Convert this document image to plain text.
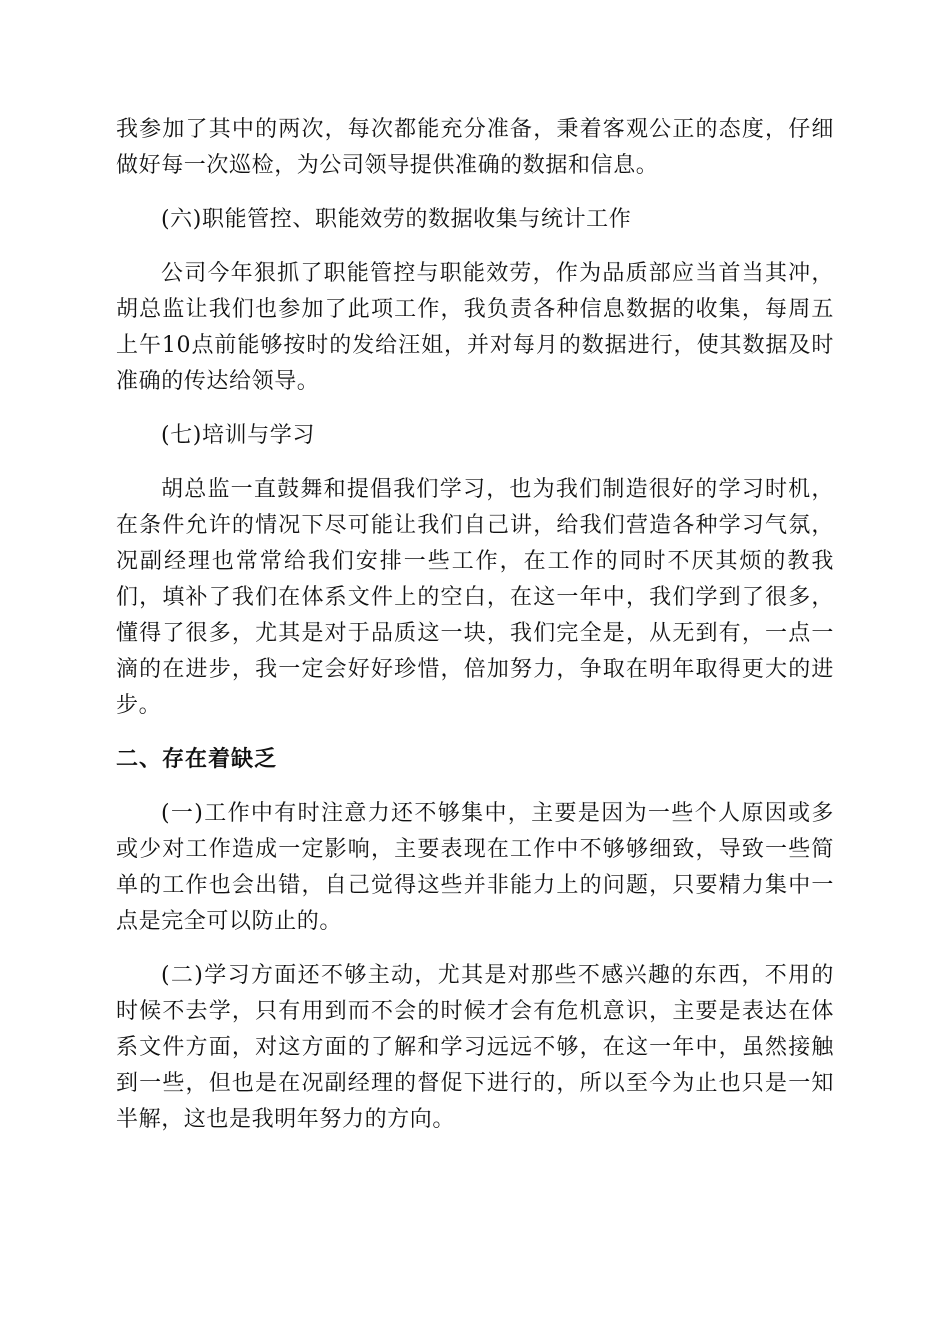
我参加了其中的两次，每次都能充分准备，秉着客观公正的态度，仔细做好每一次巡检，为公司领导提供准确的数据和信息。

(六)职能管控、职能效劳的数据收集与统计工作

公司今年狠抓了职能管控与职能效劳，作为品质部应当首当其冲，胡总监让我们也参加了此项工作，我负责各种信息数据的收集，每周五上午10点前能够按时的发给汪姐，并对每月的数据进行，使其数据及时准确的传达给领导。

(七)培训与学习

胡总监一直鼓舞和提倡我们学习，也为我们制造很好的学习时机，在条件允许的情况下尽可能让我们自己讲，给我们营造各种学习气氛，况副经理也常常给我们安排一些工作，在工作的同时不厌其烦的教我们，填补了我们在体系文件上的空白，在这一年中，我们学到了很多，懂得了很多，尤其是对于品质这一块，我们完全是，从无到有，一点一滴的在进步，我一定会好好珍惜，倍加努力，争取在明年取得更大的进步。

二、存在着缺乏

(一)工作中有时注意力还不够集中，主要是因为一些个人原因或多或少对工作造成一定影响，主要表现在工作中不够够细致，导致一些简单的工作也会出错，自己觉得这些并非能力上的问题，只要精力集中一点是完全可以防止的。

(二)学习方面还不够主动，尤其是对那些不感兴趣的东西，不用的时候不去学，只有用到而不会的时候才会有危机意识，主要是表达在体系文件方面，对这方面的了解和学习远远不够，在这一年中，虽然接触到一些，但也是在况副经理的督促下进行的，所以至今为止也只是一知半解，这也是我明年努力的方向。
